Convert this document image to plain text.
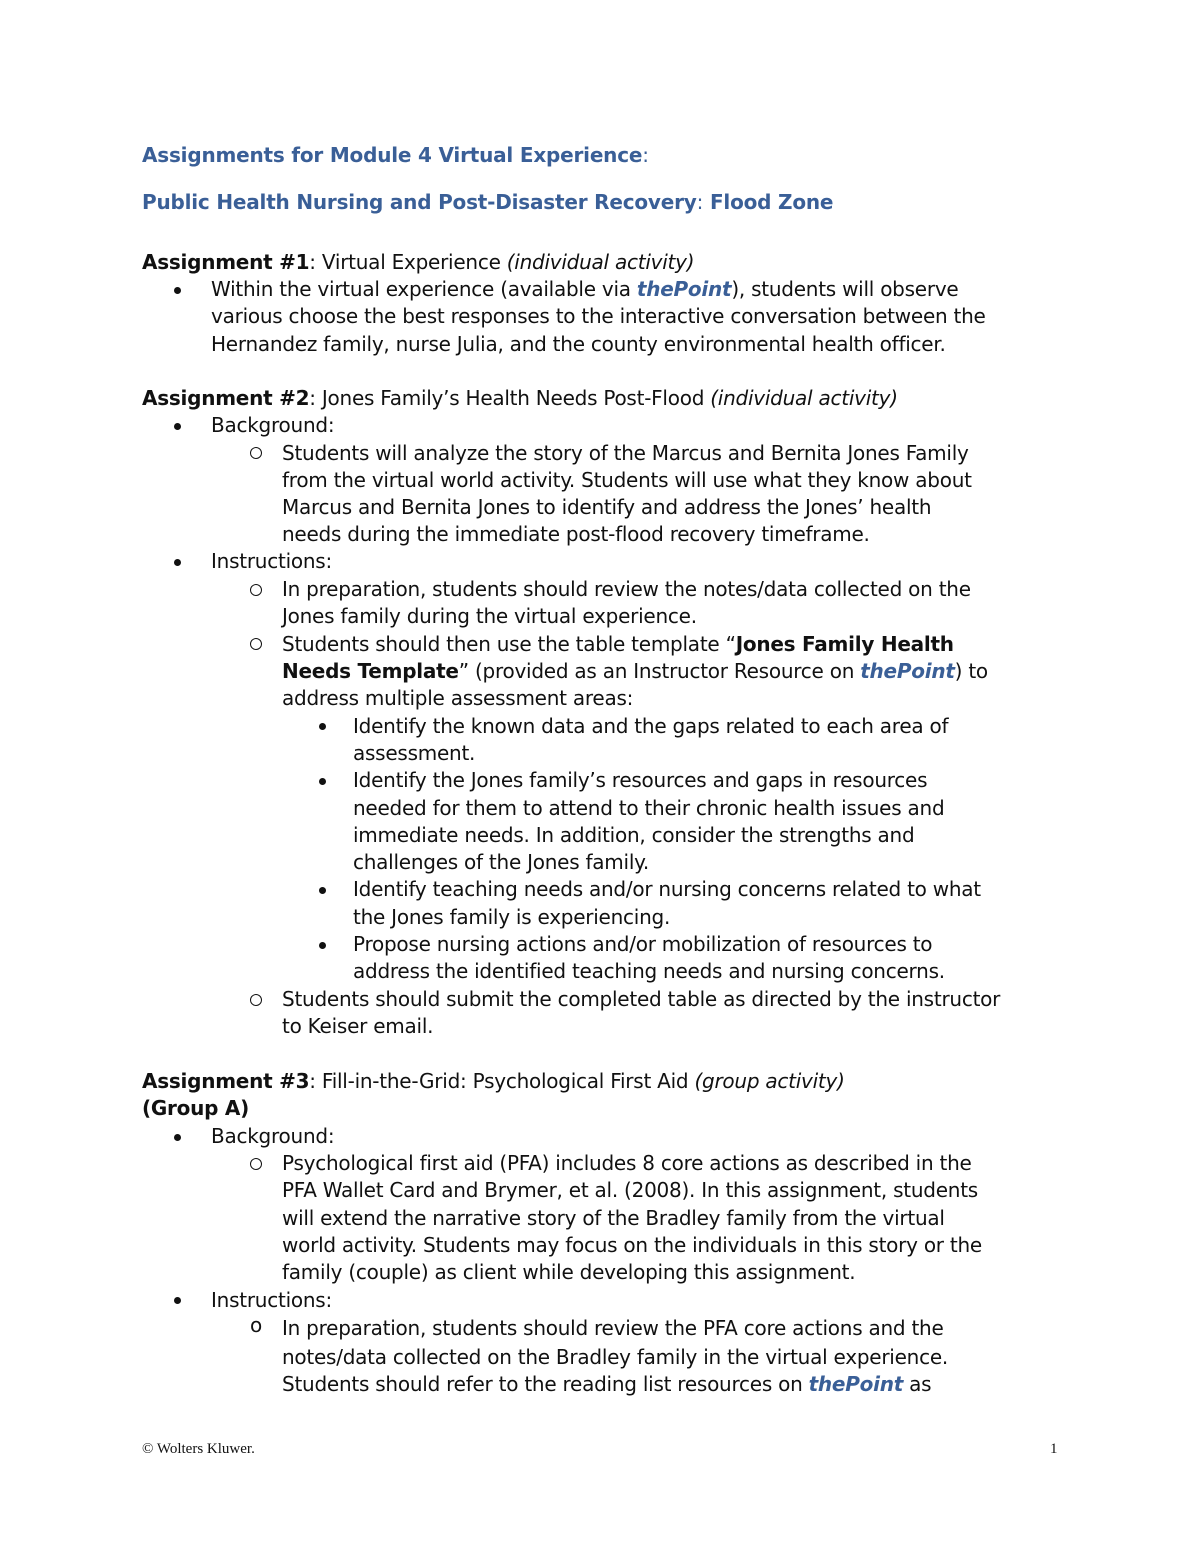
Assignments for Module 4 Virtual Experience:
Public Health Nursing and Post-Disaster Recovery: Flood Zone
Assignment #1: Virtual Experience (individual activity)
Within the virtual experience (available via thePoint), students will observe
various choose the best responses to the interactive conversation between the
Hernandez family, nurse Julia, and the county environmental health officer.
Assignment #2: Jones Family’s Health Needs Post-Flood (individual activity)
Background:
Students will analyze the story of the Marcus and Bernita Jones Family
from the virtual world activity. Students will use what they know about
Marcus and Bernita Jones to identify and address the Jones’ health
needs during the immediate post-flood recovery timeframe.
Instructions:
In preparation, students should review the notes/data collected on the
Jones family during the virtual experience.
Students should then use the table template “Jones Family Health
Needs Template” (provided as an Instructor Resource on thePoint) to
address multiple assessment areas:
Identify the known data and the gaps related to each area of
assessment.
Identify the Jones family’s resources and gaps in resources
needed for them to attend to their chronic health issues and
immediate needs. In addition, consider the strengths and
challenges of the Jones family.
Identify teaching needs and/or nursing concerns related to what
the Jones family is experiencing.
Propose nursing actions and/or mobilization of resources to
address the identified teaching needs and nursing concerns.
Students should submit the completed table as directed by the instructor
to Keiser email.
Assignment #3: Fill-in-the-Grid: Psychological First Aid (group activity)
(Group A)
Background:
Psychological first aid (PFA) includes 8 core actions as described in the
PFA Wallet Card and Brymer, et al. (2008). In this assignment, students
will extend the narrative story of the Bradley family from the virtual
world activity. Students may focus on the individuals in this story or the
family (couple) as client while developing this assignment.
Instructions:
o In preparation, students should review the PFA core actions and the
notes/data collected on the Bradley family in the virtual experience.
Students should refer to the reading list resources on thePoint as
© Wolters Kluwer.	1
